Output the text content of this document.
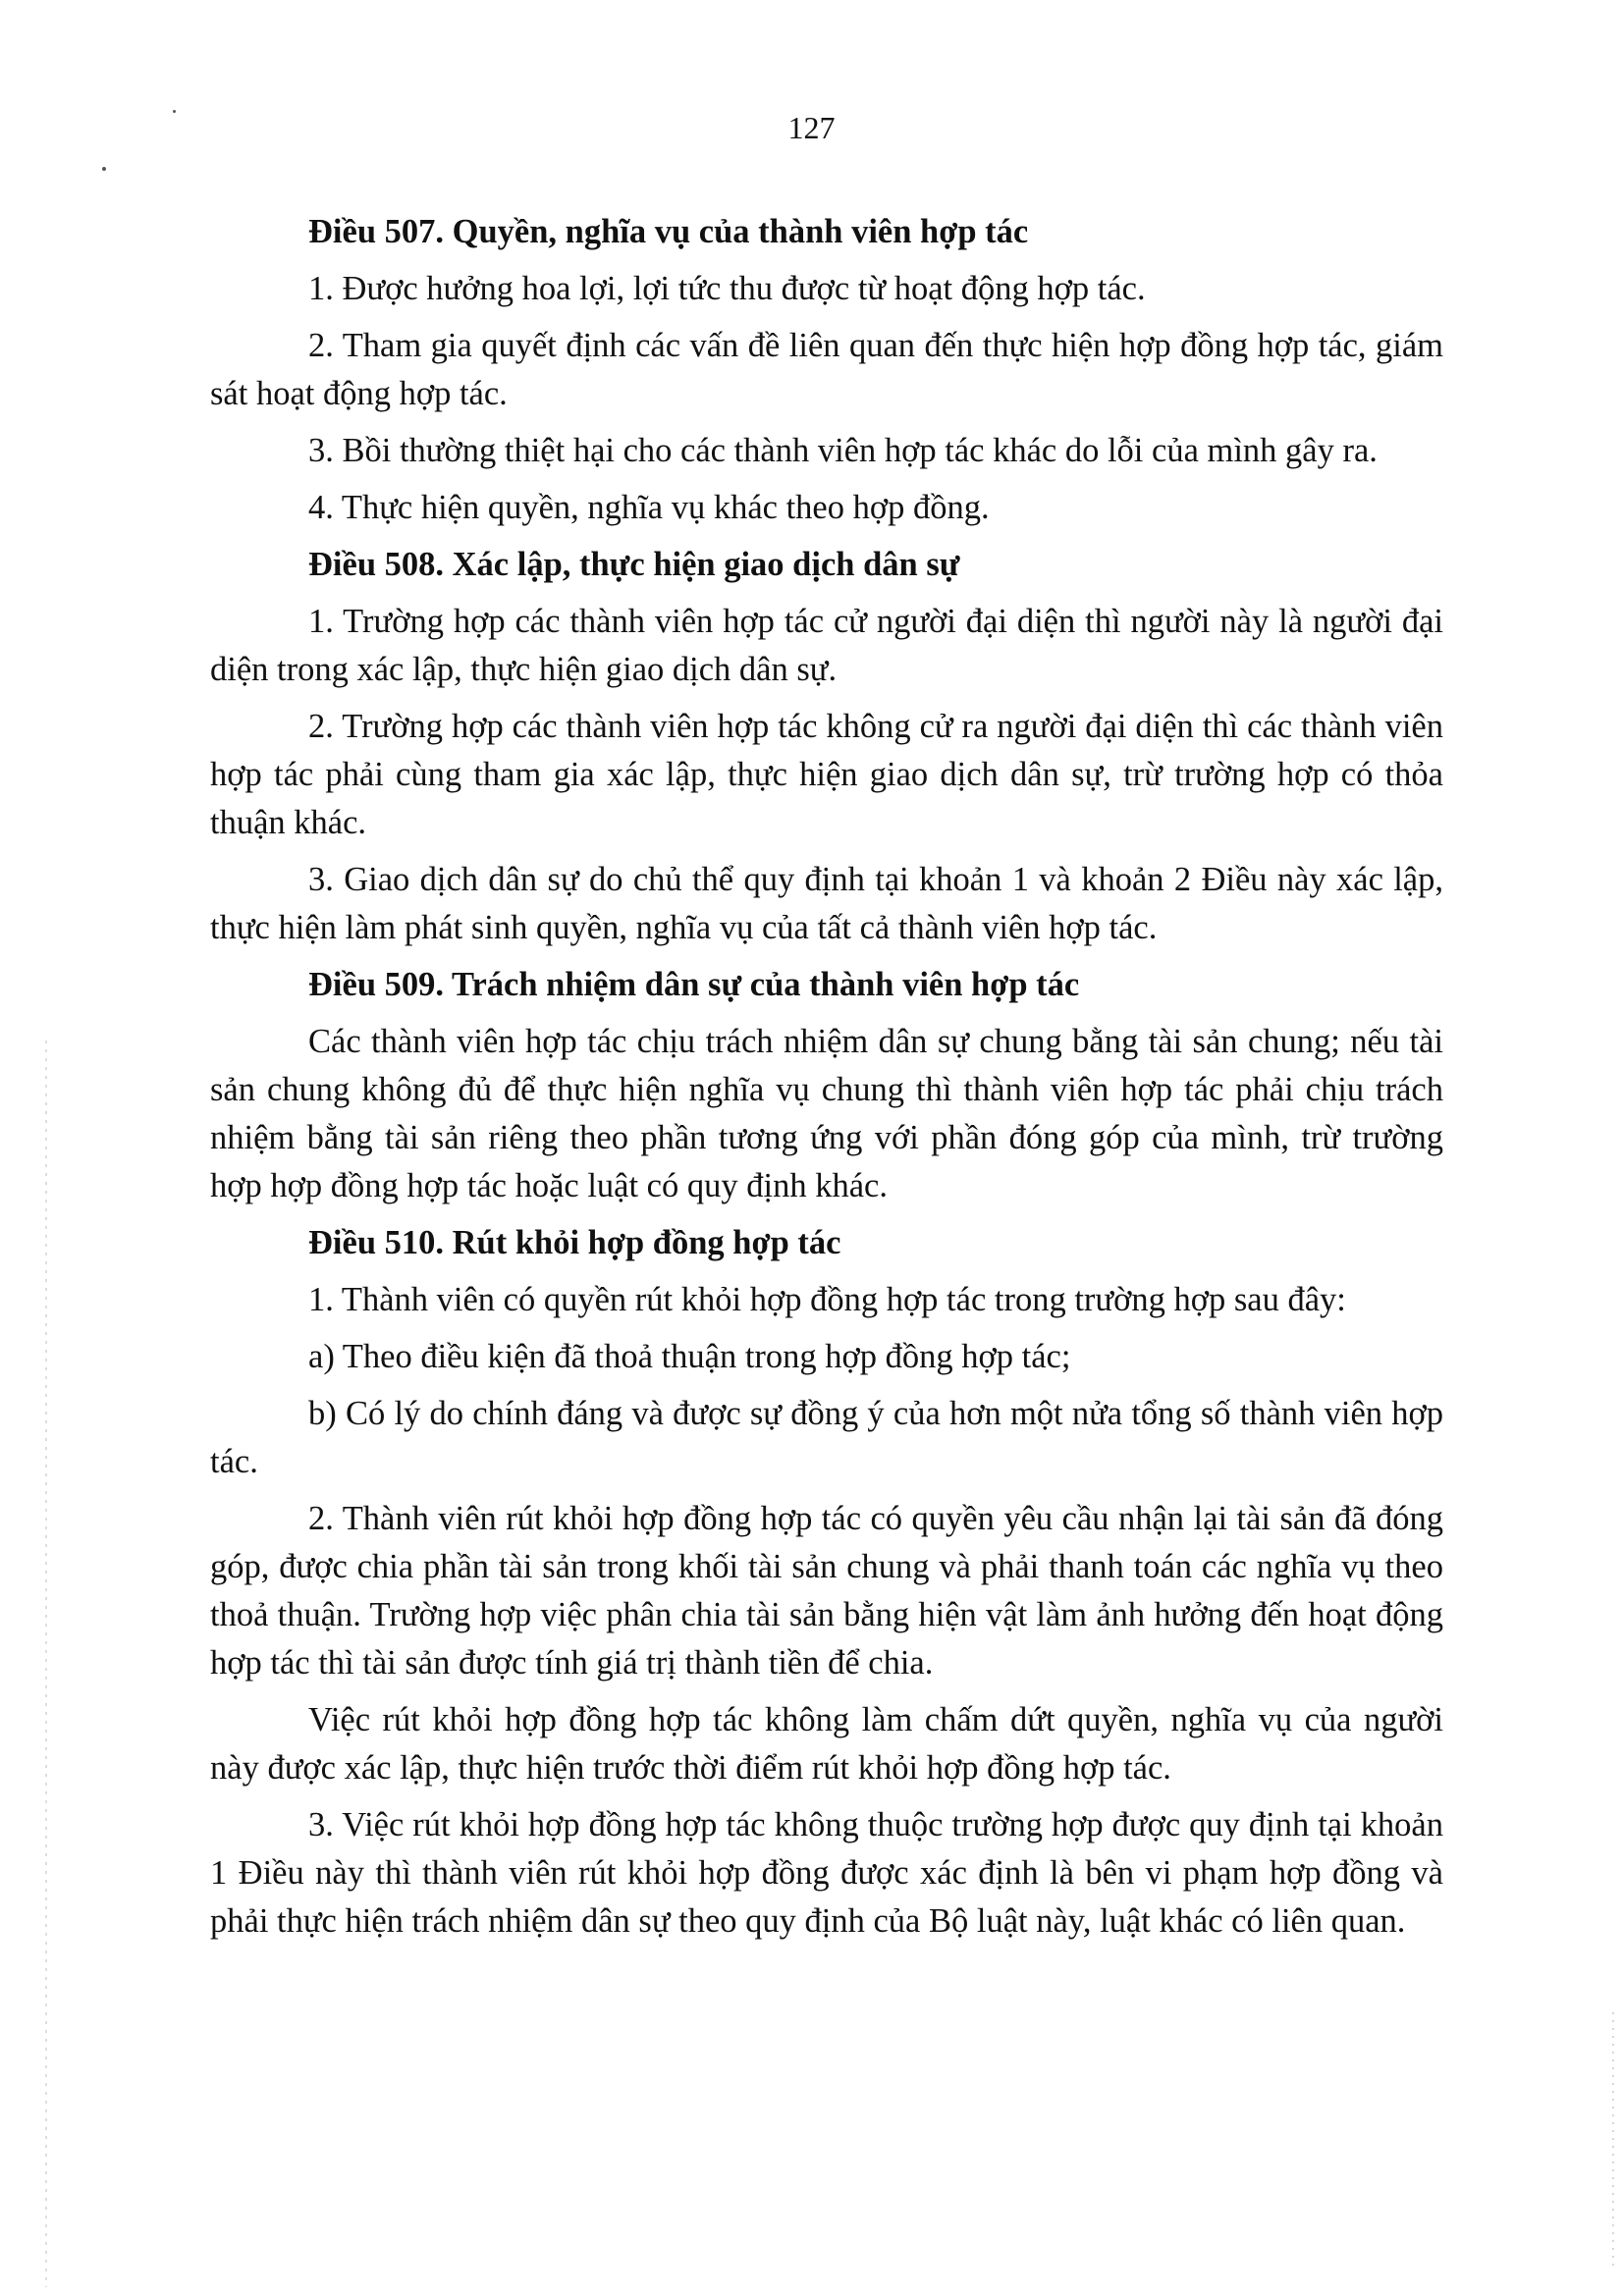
127
Điều 507. Quyền, nghĩa vụ của thành viên hợp tác

1. Được hưởng hoa lợi, lợi tức thu được từ hoạt động hợp tác.

2. Tham gia quyết định các vấn đề liên quan đến thực hiện hợp đồng hợp tác, giám sát hoạt động hợp tác.

3. Bồi thường thiệt hại cho các thành viên hợp tác khác do lỗi của mình gây ra.

4. Thực hiện quyền, nghĩa vụ khác theo hợp đồng.

Điều 508. Xác lập, thực hiện giao dịch dân sự

1. Trường hợp các thành viên hợp tác cử người đại diện thì người này là người đại diện trong xác lập, thực hiện giao dịch dân sự.

2. Trường hợp các thành viên hợp tác không cử ra người đại diện thì các thành viên hợp tác phải cùng tham gia xác lập, thực hiện giao dịch dân sự, trừ trường hợp có thỏa thuận khác.

3. Giao dịch dân sự do chủ thể quy định tại khoản 1 và khoản 2 Điều này xác lập, thực hiện làm phát sinh quyền, nghĩa vụ của tất cả thành viên hợp tác.

Điều 509. Trách nhiệm dân sự của thành viên hợp tác

Các thành viên hợp tác chịu trách nhiệm dân sự chung bằng tài sản chung; nếu tài sản chung không đủ để thực hiện nghĩa vụ chung thì thành viên hợp tác phải chịu trách nhiệm bằng tài sản riêng theo phần tương ứng với phần đóng góp của mình, trừ trường hợp hợp đồng hợp tác hoặc luật có quy định khác.

Điều 510. Rút khỏi hợp đồng hợp tác

1. Thành viên có quyền rút khỏi hợp đồng hợp tác trong trường hợp sau đây:

a) Theo điều kiện đã thoả thuận trong hợp đồng hợp tác;

b) Có lý do chính đáng và được sự đồng ý của hơn một nửa tổng số thành viên hợp tác.

2. Thành viên rút khỏi hợp đồng hợp tác có quyền yêu cầu nhận lại tài sản đã đóng góp, được chia phần tài sản trong khối tài sản chung và phải thanh toán các nghĩa vụ theo thoả thuận. Trường hợp việc phân chia tài sản bằng hiện vật làm ảnh hưởng đến hoạt động hợp tác thì tài sản được tính giá trị thành tiền để chia.

Việc rút khỏi hợp đồng hợp tác không làm chấm dứt quyền, nghĩa vụ của người này được xác lập, thực hiện trước thời điểm rút khỏi hợp đồng hợp tác.

3. Việc rút khỏi hợp đồng hợp tác không thuộc trường hợp được quy định tại khoản 1 Điều này thì thành viên rút khỏi hợp đồng được xác định là bên vi phạm hợp đồng và phải thực hiện trách nhiệm dân sự theo quy định của Bộ luật này, luật khác có liên quan.
